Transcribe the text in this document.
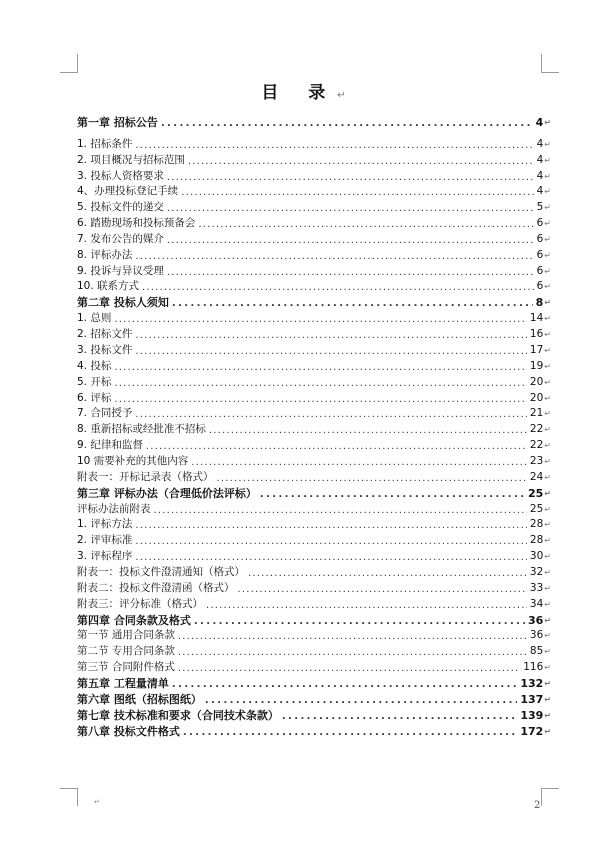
目 录↵
第一章 招标公告 .....	4 ↵
1. 招标条件 .....	4 ↵
2. 项目概况与招标范围 .....	4 ↵
3. 投标人资格要求 .....	4 ↵
4、办理投标登记手续 .....	4 ↵
5. 投标文件的递交 .....	5 ↵
6. 踏勘现场和投标预备会 .....	6 ↵
7. 发布公告的媒介 .....	6 ↵
8. 评标办法 .....	6 ↵
9. 投诉与异议受理 .....	6 ↵
10. 联系方式 .....	6 ↵
第二章 投标人须知 .....	8 ↵
1. 总则 .....	14 ↵
2. 招标文件 .....	16 ↵
3. 投标文件 .....	17 ↵
4. 投标 .....	19 ↵
5. 开标 .....	20 ↵
6. 评标 .....	20 ↵
7. 合同授予 .....	21 ↵
8. 重新招标或经批准不招标 .....	22 ↵
9. 纪律和监督 .....	22 ↵
10 需要补充的其他内容 .....	23 ↵
附表一：开标记录表（格式） .....	24 ↵
第三章 评标办法（合理低价法评标） .....	25 ↵
评标办法前附表 .....	25 ↵
1. 评标方法 .....	28 ↵
2. 评审标准 .....	28 ↵
3. 评标程序 .....	30 ↵
附表一：投标文件澄清通知（格式） .....	32 ↵
附表二：投标文件澄清函（格式） .....	33 ↵
附表三：评分标准（格式） .....	34 ↵
第四章 合同条款及格式 .....	36 ↵
第一节 通用合同条款 .....	36 ↵
第二节 专用合同条款 .....	85 ↵
第三节 合同附件格式 .....	116 ↵
第五章 工程量清单 .....	132 ↵
第六章 图纸（招标图纸） .....	137 ↵
第七章 技术标准和要求（合同技术条款） .....	139 ↵
第八章 投标文件格式 .....	172 ↵
↵	2
